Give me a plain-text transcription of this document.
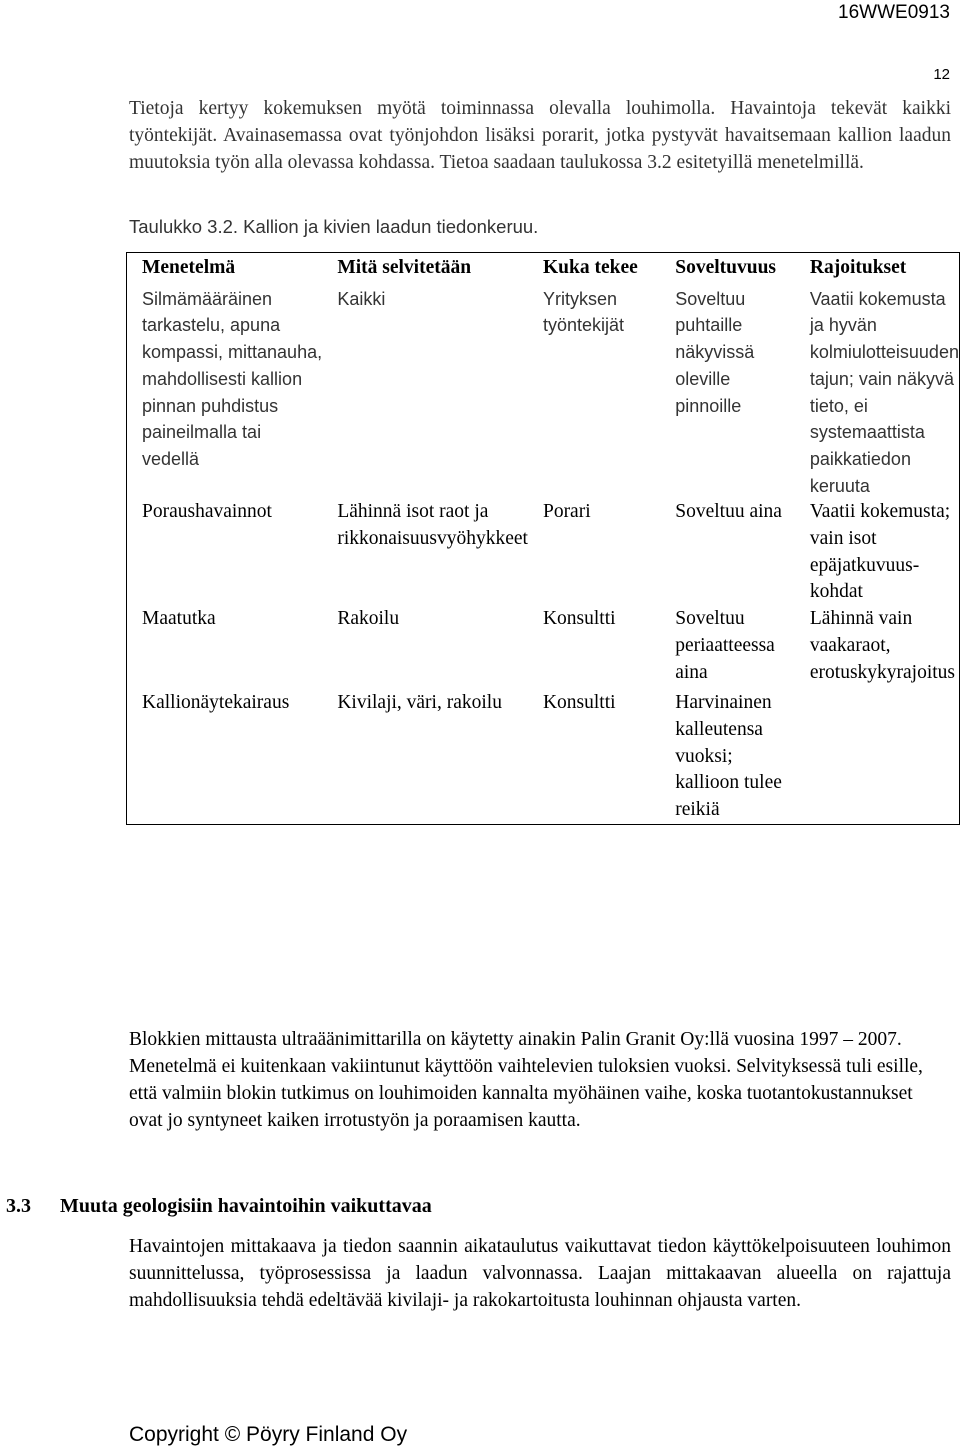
16WWE0913
12

Tietoja kertyy kokemuksen myötä toiminnassa olevalla louhimolla. Havaintoja tekevät kaikki työntekijät. Avainasemassa ovat työnjohdon lisäksi porarit, jotka pystyvät havaitsemaan kallion laadun muutoksia työn alla olevassa kohdassa. Tietoa saadaan taulukossa 3.2 esitetyillä menetelmillä.

Taulukko 3.2. Kallion ja kivien laadun tiedonkeruu.
Menetelmä	Mitä selvitetään	Kuka tekee	Soveltuvuus	Rajoitukset
Silmämääräinen tarkastelu, apuna kompassi, mittanauha, mahdollisesti kallion pinnan puhdistus paineilmalla tai vedellä	Kaikki	Yrityksen työntekijät	Soveltuu puhtaille näkyvissä oleville pinnoille	Vaatii kokemusta ja hyvän kolmiulotteisuuden tajun; vain näkyvä tieto, ei systemaattista paikkatiedon keruuta
Poraushavainnot	Lähinnä isot raot ja rikkonaisuusvyöhykkeet	Porari	Soveltuu aina	Vaatii kokemusta; vain isot epäjatkuvuus-kohdat
Maatutka	Rakoilu	Konsultti	Soveltuu periaatteessa aina	Lähinnä vain vaakaraot, erotuskykyrajoitus
Kallionäytekairaus	Kivilaji, väri, rakoilu	Konsultti	Harvinainen kalleutensa vuoksi; kallioon tulee reikiä	

Blokkien mittausta ultraäänimittarilla on käytetty ainakin Palin Granit Oy:llä vuosina 1997 – 2007. Menetelmä ei kuitenkaan vakiintunut käyttöön vaihtelevien tuloksien vuoksi. Selvityksessä tuli esille, että valmiin blokin tutkimus on louhimoiden kannalta myöhäinen vaihe, koska tuotantokustannukset ovat jo syntyneet kaiken irrotustyön ja poraamisen kautta.

3.3 Muuta geologisiin havaintoihin vaikuttavaa

Havaintojen mittakaava ja tiedon saannin aikataulutus vaikuttavat tiedon käyttökelpoisuuteen louhimon suunnittelussa, työprosessissa ja laadun valvonnassa. Laajan mittakaavan alueella on rajattuja mahdollisuuksia tehdä edeltävää kivilaji- ja rakokartoitusta louhinnan ohjausta varten.

Copyright © Pöyry Finland Oy
